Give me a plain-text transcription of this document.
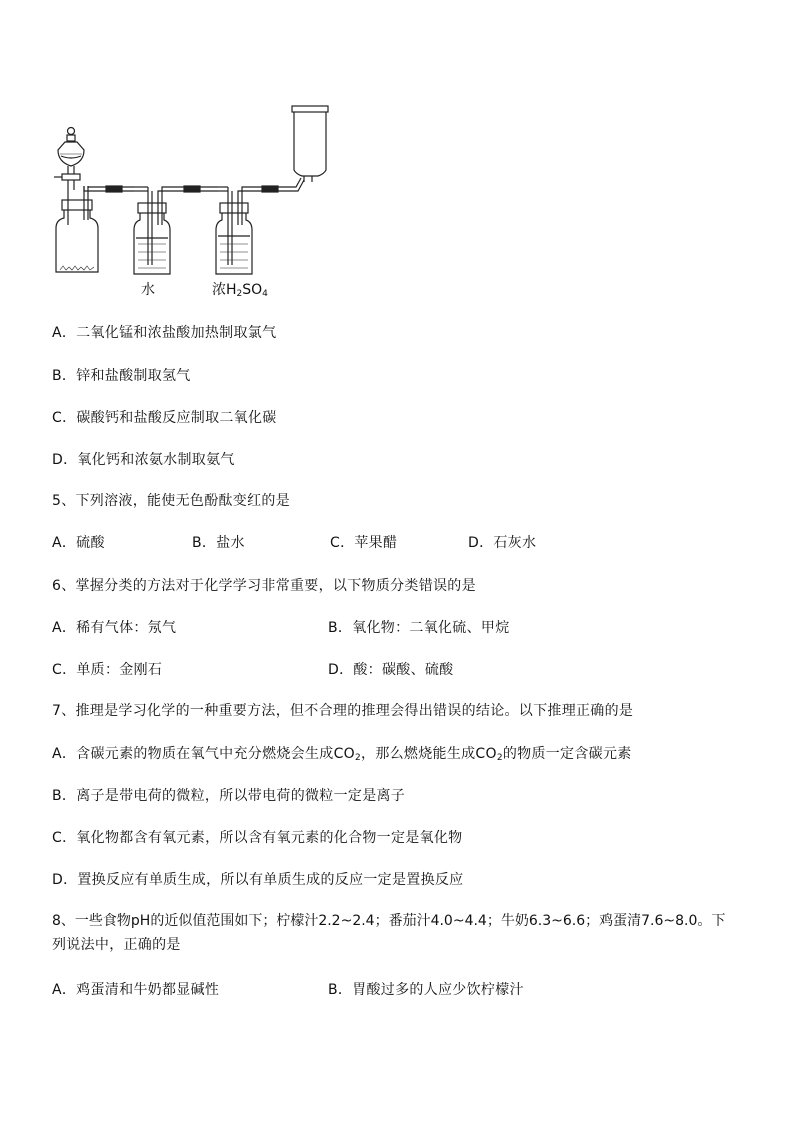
水	浓H2SO4
A．二氧化锰和浓盐酸加热制取氯气
B．锌和盐酸制取氢气
C．碳酸钙和盐酸反应制取二氧化碳
D．氧化钙和浓氨水制取氨气
5、下列溶液，能使无色酚酞变红的是
A．硫酸	B．盐水	C．苹果醋	D．石灰水
6、掌握分类的方法对于化学学习非常重要，以下物质分类错误的是
A．稀有气体：氖气	B．氧化物：二氧化硫、甲烷
C．单质：金刚石	D．酸：碳酸、硫酸
7、推理是学习化学的一种重要方法，但不合理的推理会得出错误的结论。以下推理正确的是
A．含碳元素的物质在氧气中充分燃烧会生成$CO_2$，那么燃烧能生成$CO_2$的物质一定含碳元素
B．离子是带电荷的微粒，所以带电荷的微粒一定是离子
C．氧化物都含有氧元素，所以含有氧元素的化合物一定是氧化物
D．置换反应有单质生成，所以有单质生成的反应一定是置换反应
8、一些食物pH的近似值范围如下；柠檬汁2.2~2.4；番茄汁4.0~4.4；牛奶6.3~6.6；鸡蛋清7.6~8.0。下
列说法中，正确的是
A．鸡蛋清和牛奶都显碱性	B．胃酸过多的人应少饮柠檬汁
